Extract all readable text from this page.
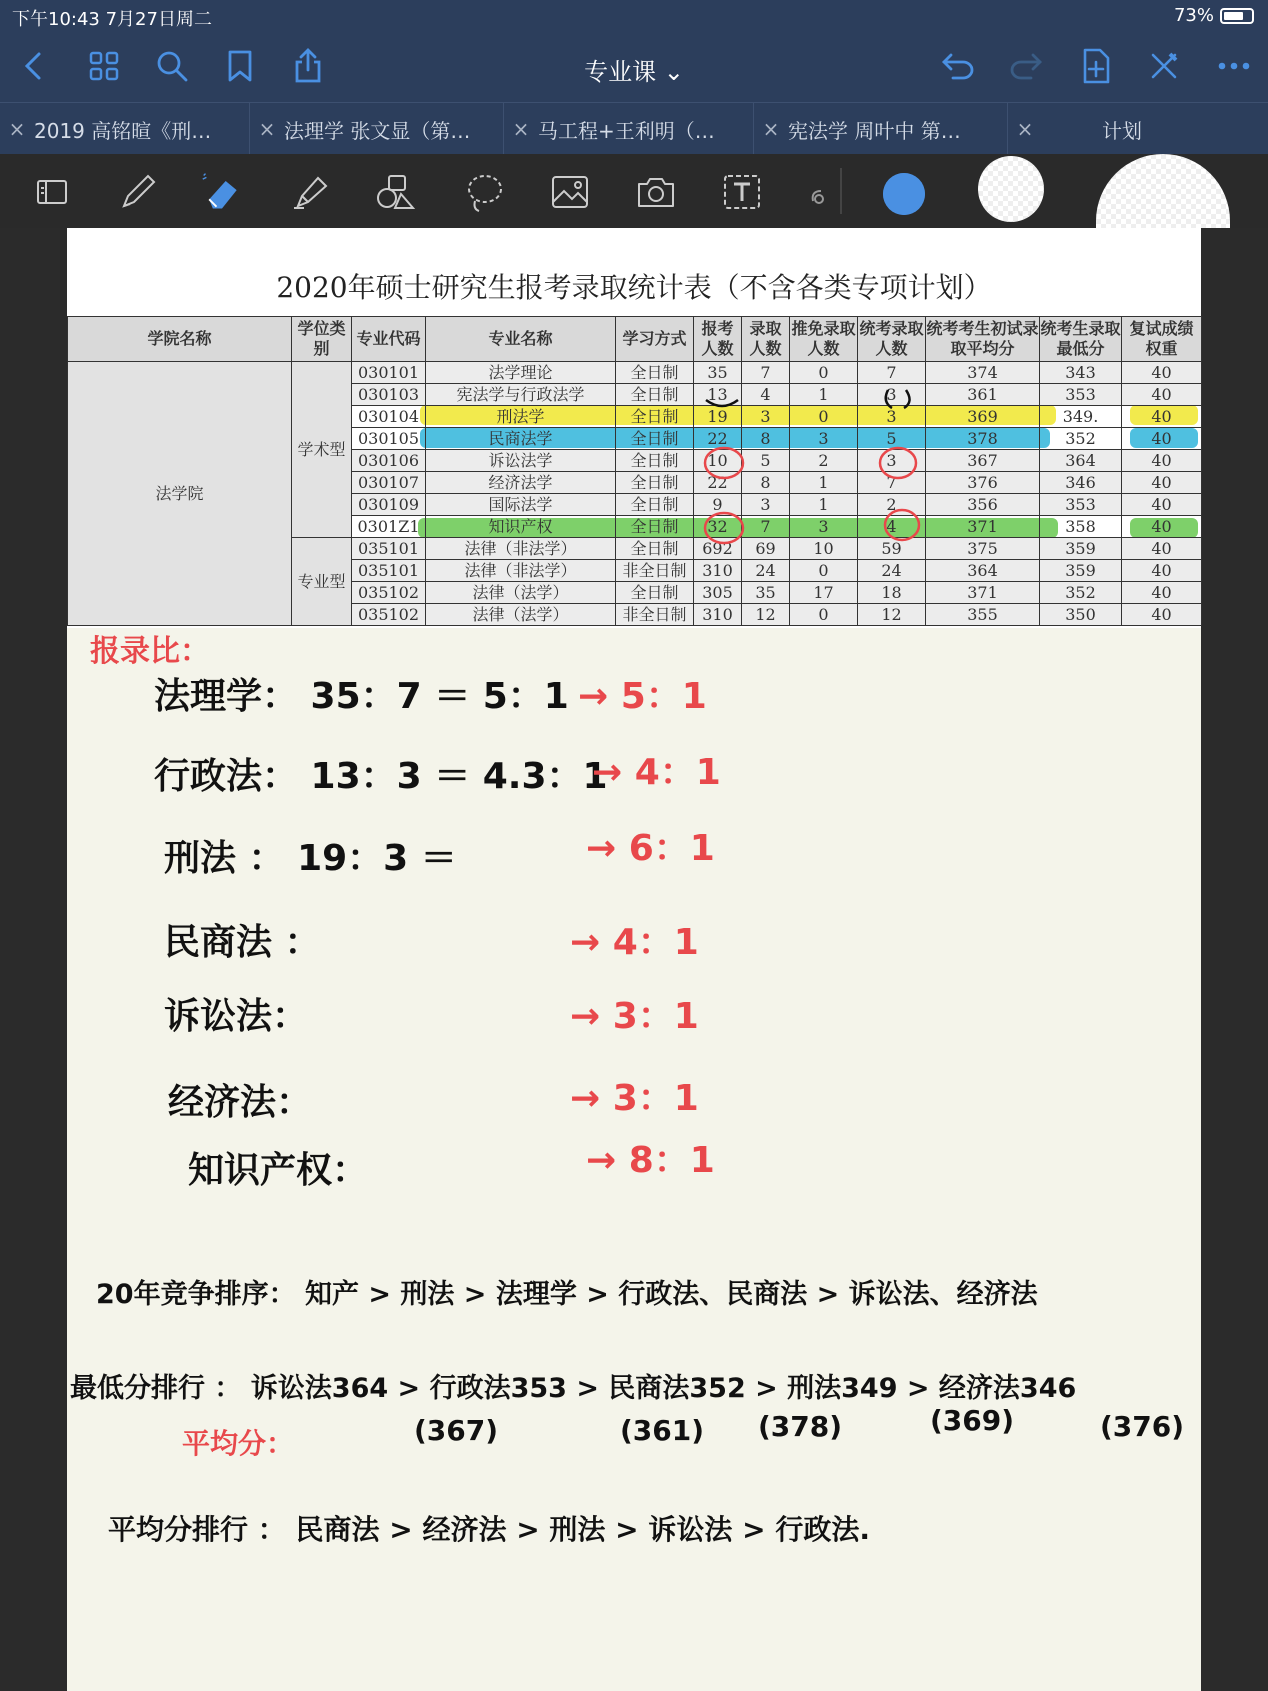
下午10:43 7月27日周二	73%
专业课 ⌄
× 2019 高铭暄《刑…	× 法理学 张文显（第…	× 马工程+王利明（…	× 宪法学 周叶中 第…	×	计划
2020年硕士研究生报考录取统计表（不含各类专项计划）
学院名称	学位类别	专业代码	专业名称	学习方式	报考人数	录取人数	推免录取人数	统考录取人数	统考考生初试录取平均分	统考生录取最低分	复试成绩权重
法学院	学术型	030101	法学理论	全日制	35	7	0	7	374	343	40
		030103	宪法学与行政法学	全日制	13	4	1	3	361	353	40
		030104	刑法学	全日制	19	3	0	3	369	349.	40
		030105	民商法学	全日制	22	8	3	5	378	352	40
		030106	诉讼法学	全日制	10	5	2	3	367	364	40
		030107	经济法学	全日制	22	8	1	7	376	346	40
		030109	国际法学	全日制	9	3	1	2	356	353	40
		0301Z1	知识产权	全日制	32	7	3	4	371	358	40
	专业型	035101	法律（非法学）	全日制	692	69	10	59	375	359	40
		035101	法律（非法学）	非全日制	310	24	0	24	364	359	40
		035102	法律（法学）	全日制	305	35	17	18	371	352	40
		035102	法律（法学）	非全日制	310	12	0	12	355	350	40
报录比：
法理学： 35：7 ＝ 5：1 → 5：1
行政法： 13：3 ＝ 4.3：1
→ 4：1
刑法 ： 19：3 ＝	→ 6：1
民商法 ：	→ 4：1
诉讼法：	→ 3：1
经济法：	→ 3：1
知识产权：	→ 8：1
20年竞争排序： 知产 > 刑法 > 法理学 > 行政法、民商法 > 诉讼法、经济法
最低分排行 ： 诉讼法364 > 行政法353 > 民商法352 > 刑法349 > 经济法346
平均分：	(367)	(361) (378)	(369)	(376)
平均分排行 ： 民商法 > 经济法 > 刑法 > 诉讼法 > 行政法.
